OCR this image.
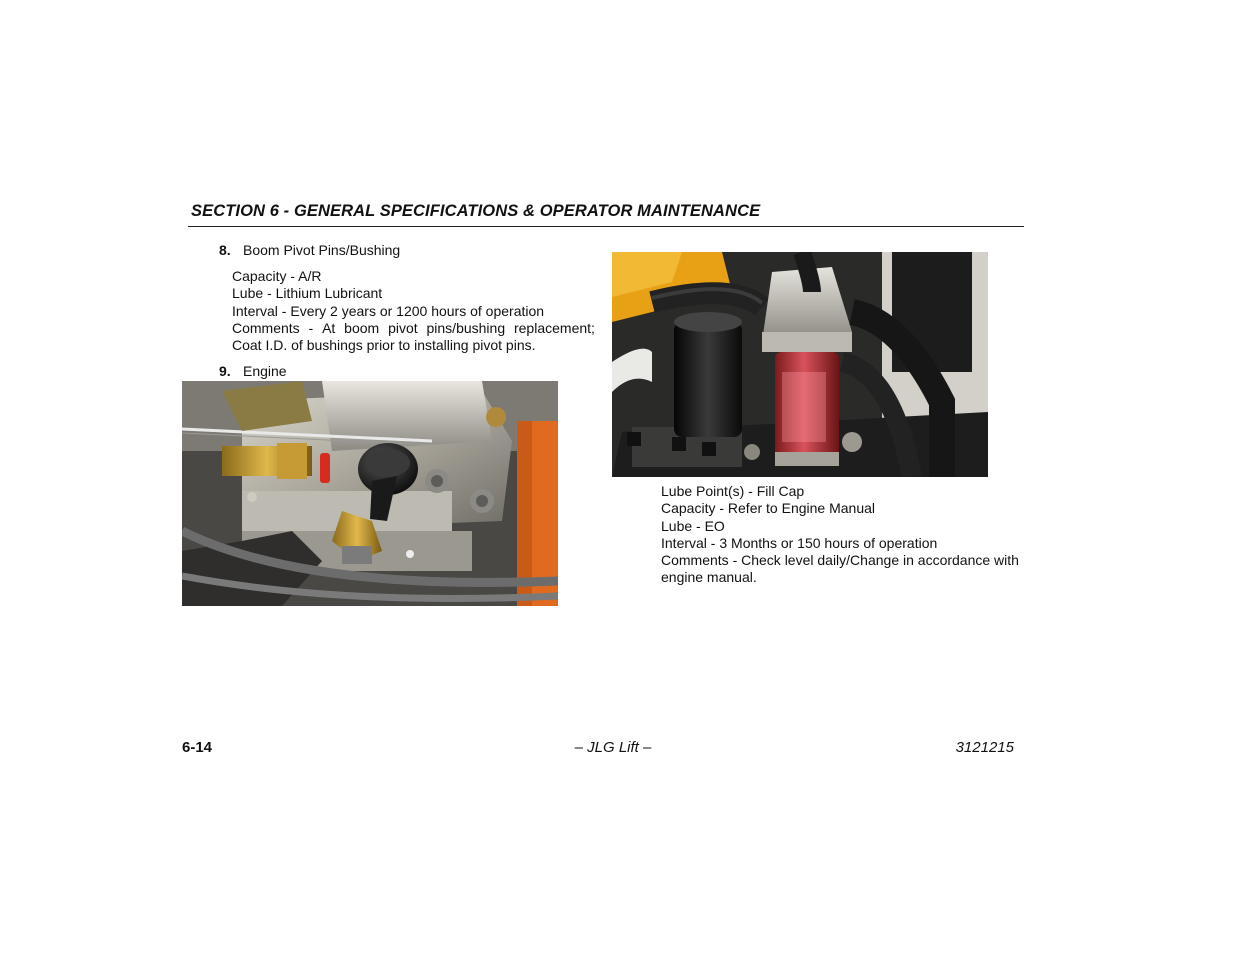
SECTION 6 - GENERAL SPECIFICATIONS & OPERATOR MAINTENANCE
8. Boom Pivot Pins/Bushing
Capacity - A/R
Lube - Lithium Lubricant
Interval - Every 2 years or 1200 hours of operation
Comments - At boom pivot pins/bushing replacement;
Coat I.D. of bushings prior to installing pivot pins.
9. Engine
Lube Point(s) - Fill Cap
Capacity - Refer to Engine Manual
Lube - EO
Interval - 3 Months or 150 hours of operation
Comments - Check level daily/Change in accordance with
engine manual.
6-14	– JLG Lift –	3121215
